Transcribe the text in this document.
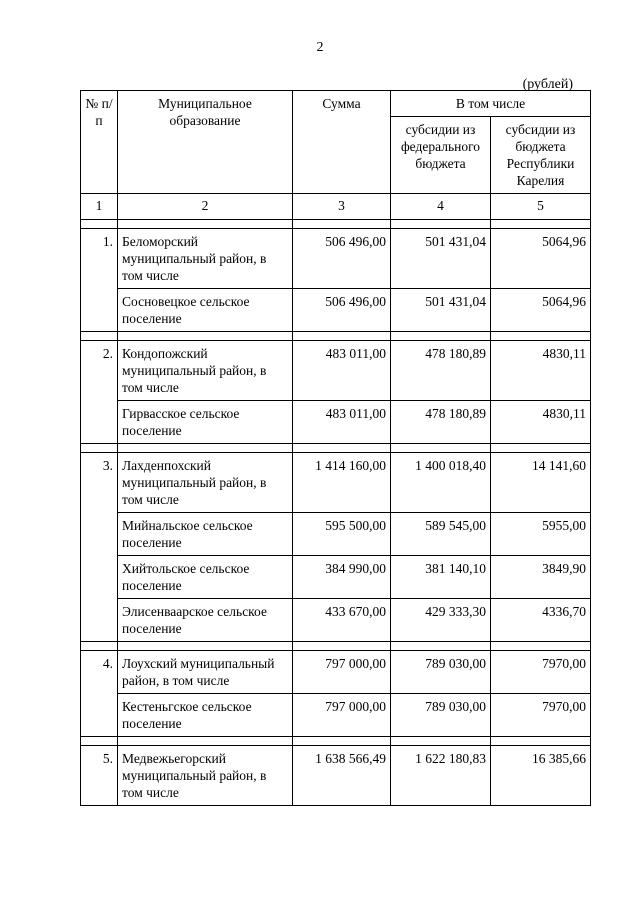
2
(рублей)
№ п/п	Муниципальное образование	Сумма	В том числе	
			субсидии из федерального бюджета	субсидии из бюджета Республики Карелия
1	2	3	4	5

1.	Беломорский муниципальный район, в том числе	506 496,00	501 431,04	5064,96
	Сосновецкое сельское поселение	506 496,00	501 431,04	5064,96

2.	Кондопожский муниципальный район, в том числе	483 011,00	478 180,89	4830,11
	Гирвасское сельское поселение	483 011,00	478 180,89	4830,11

3.	Лахденпохский муниципальный район, в том числе	1 414 160,00	1 400 018,40	14 141,60
	Мийнальское сельское поселение	595 500,00	589 545,00	5955,00
	Хийтольское сельское поселение	384 990,00	381 140,10	3849,90
	Элисенваарское сельское поселение	433 670,00	429 333,30	4336,70

4.	Лоухский муниципальный район, в том числе	797 000,00	789 030,00	7970,00
	Кестеньгское сельское поселение	797 000,00	789 030,00	7970,00

5.	Медвежьегорский муниципальный район, в том числе	1 638 566,49	1 622 180,83	16 385,66
